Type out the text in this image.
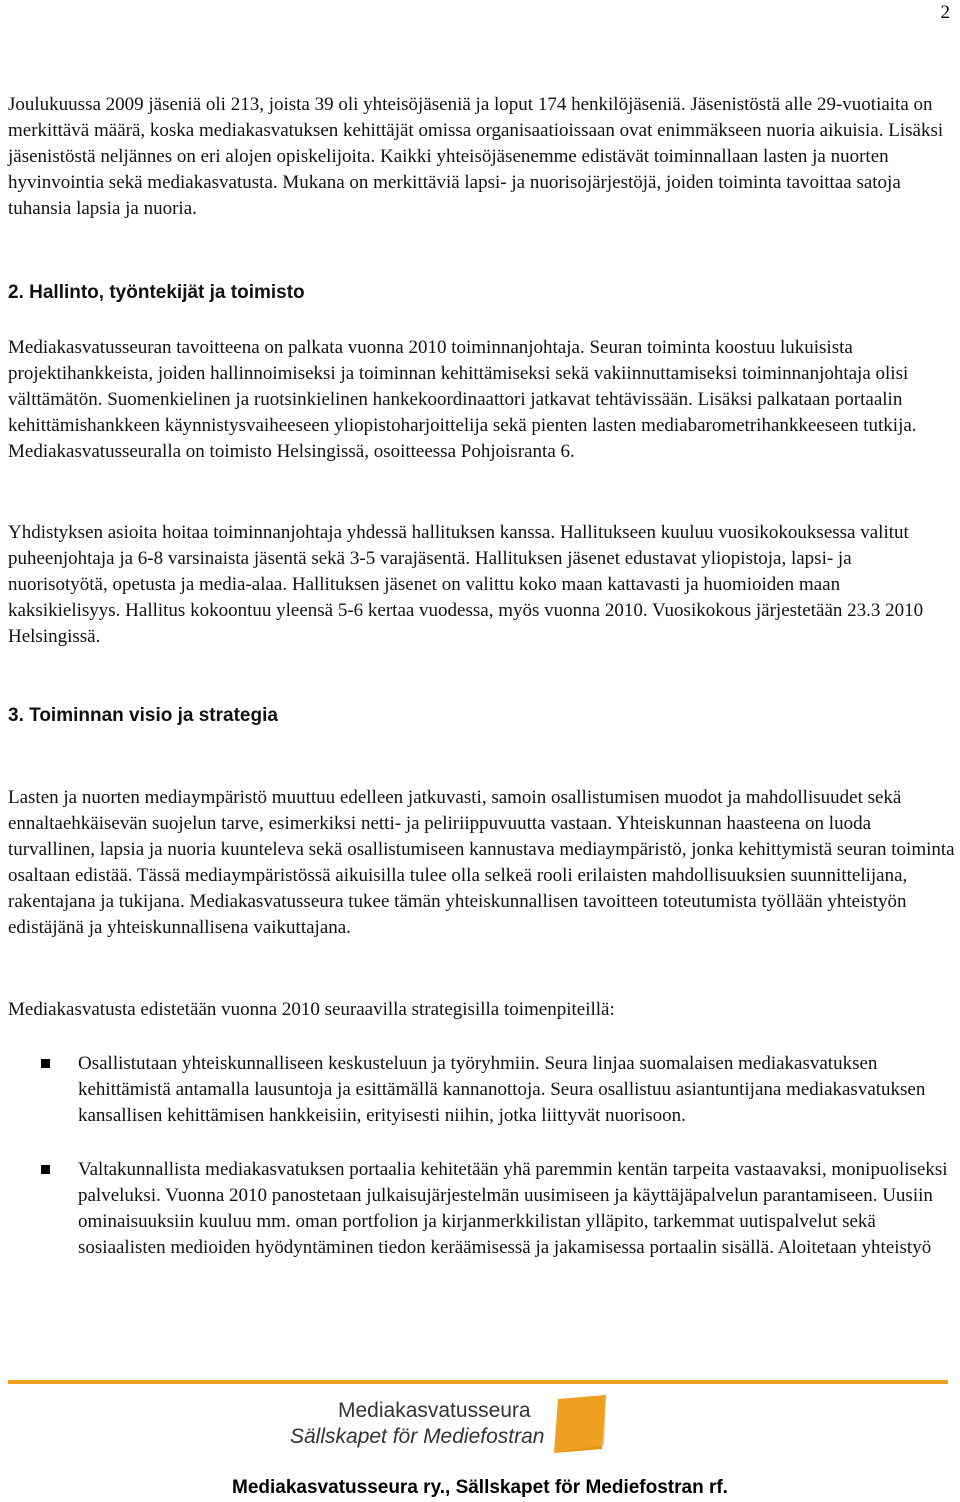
2

Joulukuussa 2009 jäseniä oli 213, joista 39 oli yhteisöjäseniä ja loput 174 henkilöjäseniä. Jäsenistöstä alle 29-vuotiaita on merkittävä määrä, koska mediakasvatuksen kehittäjät omissa organisaatioissaan ovat enimmäkseen nuoria aikuisia. Lisäksi jäsenistöstä neljännes on eri alojen opiskelijoita. Kaikki yhteisöjäsenemme edistävät toiminnallaan lasten ja nuorten hyvinvointia sekä mediakasvatusta. Mukana on merkittäviä lapsi- ja nuorisojärjestöjä, joiden toiminta tavoittaa satoja tuhansia lapsia ja nuoria.

2. Hallinto, työntekijät ja toimisto

Mediakasvatusseuran tavoitteena on palkata vuonna 2010 toiminnanjohtaja. Seuran toiminta koostuu lukuisista projektihankkeista, joiden hallinnoimiseksi ja toiminnan kehittämiseksi sekä vakiinnuttamiseksi toiminnanjohtaja olisi välttämätön. Suomenkielinen ja ruotsinkielinen hankekoordinaattori jatkavat tehtävissään. Lisäksi palkataan portaalin kehittämishankkeen käynnistysvaiheeseen yliopistoharjoittelija sekä pienten lasten mediabarometrihankkeeseen tutkija. Mediakasvatusseuralla on toimisto Helsingissä, osoitteessa Pohjoisranta 6.

Yhdistyksen asioita hoitaa toiminnanjohtaja yhdessä hallituksen kanssa. Hallitukseen kuuluu vuosikokouksessa valitut puheenjohtaja ja 6-8 varsinaista jäsentä sekä 3-5 varajäsentä. Hallituksen jäsenet edustavat yliopistoja, lapsi- ja nuorisotyötä, opetusta ja media-alaa. Hallituksen jäsenet on valittu koko maan kattavasti ja huomioiden maan kaksikielisyys. Hallitus kokoontuu yleensä 5-6 kertaa vuodessa, myös vuonna 2010. Vuosikokous järjestetään 23.3 2010 Helsingissä.

3. Toiminnan visio ja strategia

Lasten ja nuorten mediaympäristö muuttuu edelleen jatkuvasti, samoin osallistumisen muodot ja mahdollisuudet sekä ennaltaehkäisevän suojelun tarve, esimerkiksi netti- ja peliriippuvuutta vastaan. Yhteiskunnan haasteena on luoda turvallinen, lapsia ja nuoria kuunteleva sekä osallistumiseen kannustava mediaympäristö, jonka kehittymistä seuran toiminta osaltaan edistää. Tässä mediaympäristössä aikuisilla tulee olla selkeä rooli erilaisten mahdollisuuksien suunnittelijana, rakentajana ja tukijana. Mediakasvatusseura tukee tämän yhteiskunnallisen tavoitteen toteutumista työllään yhteistyön edistäjänä ja yhteiskunnallisena vaikuttajana.

Mediakasvatusta edistetään vuonna 2010 seuraavilla strategisilla toimenpiteillä:

Osallistutaan yhteiskunnalliseen keskusteluun ja työryhmiin. Seura linjaa suomalaisen mediakasvatuksen kehittämistä antamalla lausuntoja ja esittämällä kannanottoja. Seura osallistuu asiantuntijana mediakasvatuksen kansallisen kehittämisen hankkeisiin, erityisesti niihin, jotka liittyvät nuorisoon.
Valtakunnallista mediakasvatuksen portaalia kehitetään yhä paremmin kentän tarpeita vastaavaksi, monipuoliseksi palveluksi. Vuonna 2010 panostetaan julkaisujärjestelmän uusimiseen ja käyttäjäpalvelun parantamiseen. Uusiin ominaisuuksiin kuuluu mm. oman portfolion ja kirjanmerkkilistan ylläpito, tarkemmat uutispalvelut sekä sosiaalisten medioiden hyödyntäminen tiedon keräämisessä ja jakamisessa portaalin sisällä. Aloitetaan yhteistyö
Mediakasvatusseura
Sällskapet för Mediefostran
Mediakasvatusseura ry., Sällskapet för Mediefostran rf.
